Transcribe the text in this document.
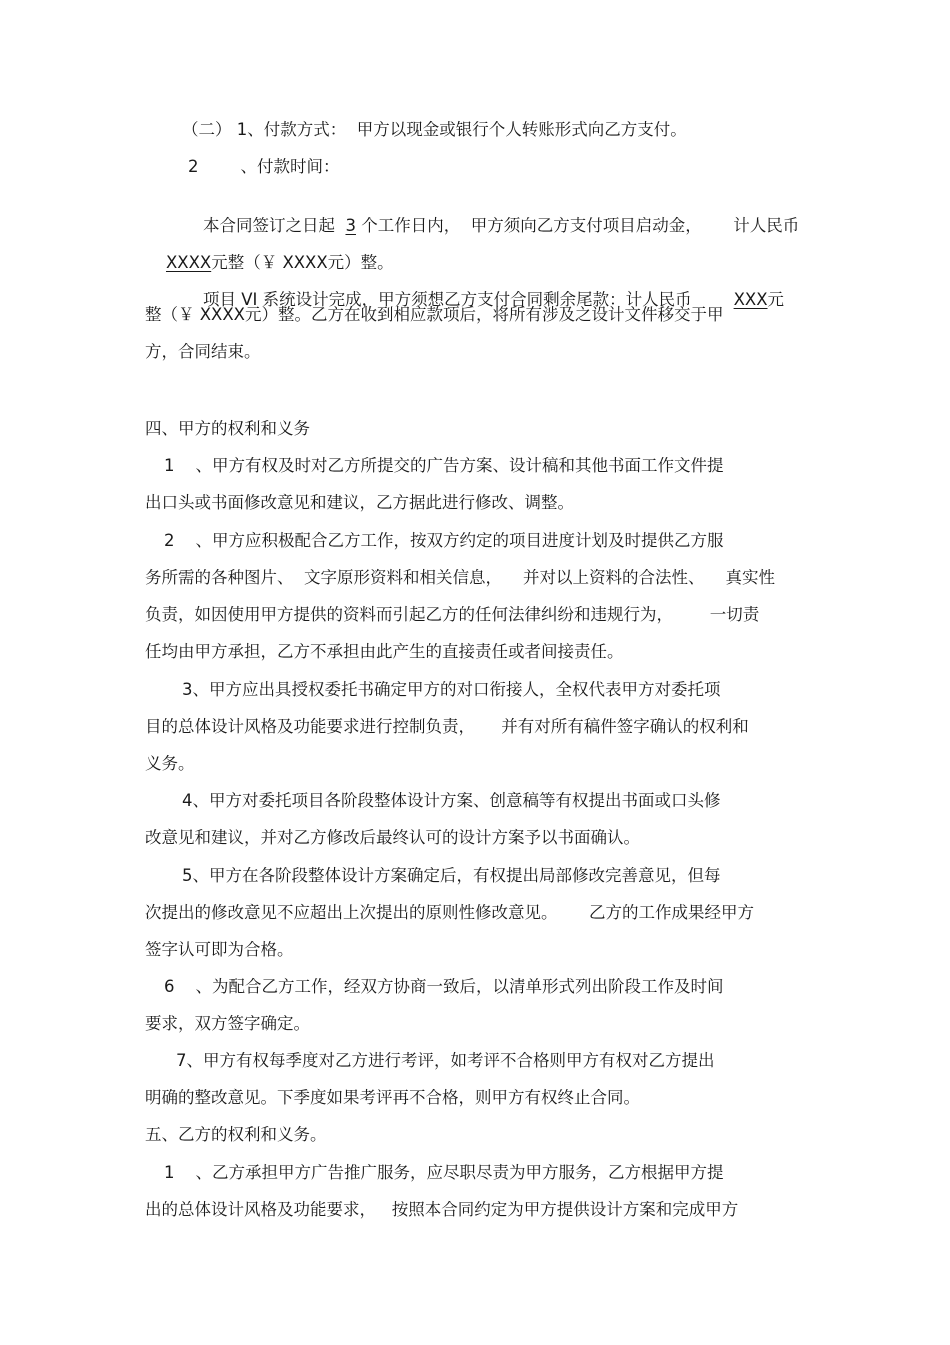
（二） 1、付款方式：  甲方以现金或银行个人转账形式向乙方支付。
2        、付款时间：

本合同签订之日起  3 个工作日内，  甲方须向乙方支付项目启动金，      计人民币

XXXX元整（￥ XXXX元）整。

项目 VI 系统设计完成，甲方须想乙方支付合同剩余尾款：计人民币        XXX元

整（￥ XXXX元）整。乙方在收到相应款项后，将所有涉及之设计文件移交于甲
方，合同结束。
四、甲方的权利和义务
1    、甲方有权及时对乙方所提交的广告方案、设计稿和其他书面工作文件提
出口头或书面修改意见和建议，乙方据此进行修改、调整。
2    、甲方应积极配合乙方工作，按双方约定的项目进度计划及时提供乙方服
务所需的各种图片、  文字原形资料和相关信息，    并对以上资料的合法性、    真实性
负责，如因使用甲方提供的资料而引起乙方的任何法律纠纷和违规行为，       一切责
任均由甲方承担，乙方不承担由此产生的直接责任或者间接责任。
3、甲方应出具授权委托书确定甲方的对口衔接人，全权代表甲方对委托项
目的总体设计风格及功能要求进行控制负责，     并有对所有稿件签字确认的权利和
义务。
4、甲方对委托项目各阶段整体设计方案、创意稿等有权提出书面或口头修
改意见和建议，并对乙方修改后最终认可的设计方案予以书面确认。
5、甲方在各阶段整体设计方案确定后，有权提出局部修改完善意见，但每
次提出的修改意见不应超出上次提出的原则性修改意见。      乙方的工作成果经甲方
签字认可即为合格。
6    、为配合乙方工作，经双方协商一致后，以清单形式列出阶段工作及时间
要求，双方签字确定。
7、甲方有权每季度对乙方进行考评，如考评不合格则甲方有权对乙方提出
明确的整改意见。下季度如果考评再不合格，则甲方有权终止合同。
五、乙方的权利和义务。
1    、乙方承担甲方广告推广服务，应尽职尽责为甲方服务，乙方根据甲方提
出的总体设计风格及功能要求，   按照本合同约定为甲方提供设计方案和完成甲方
